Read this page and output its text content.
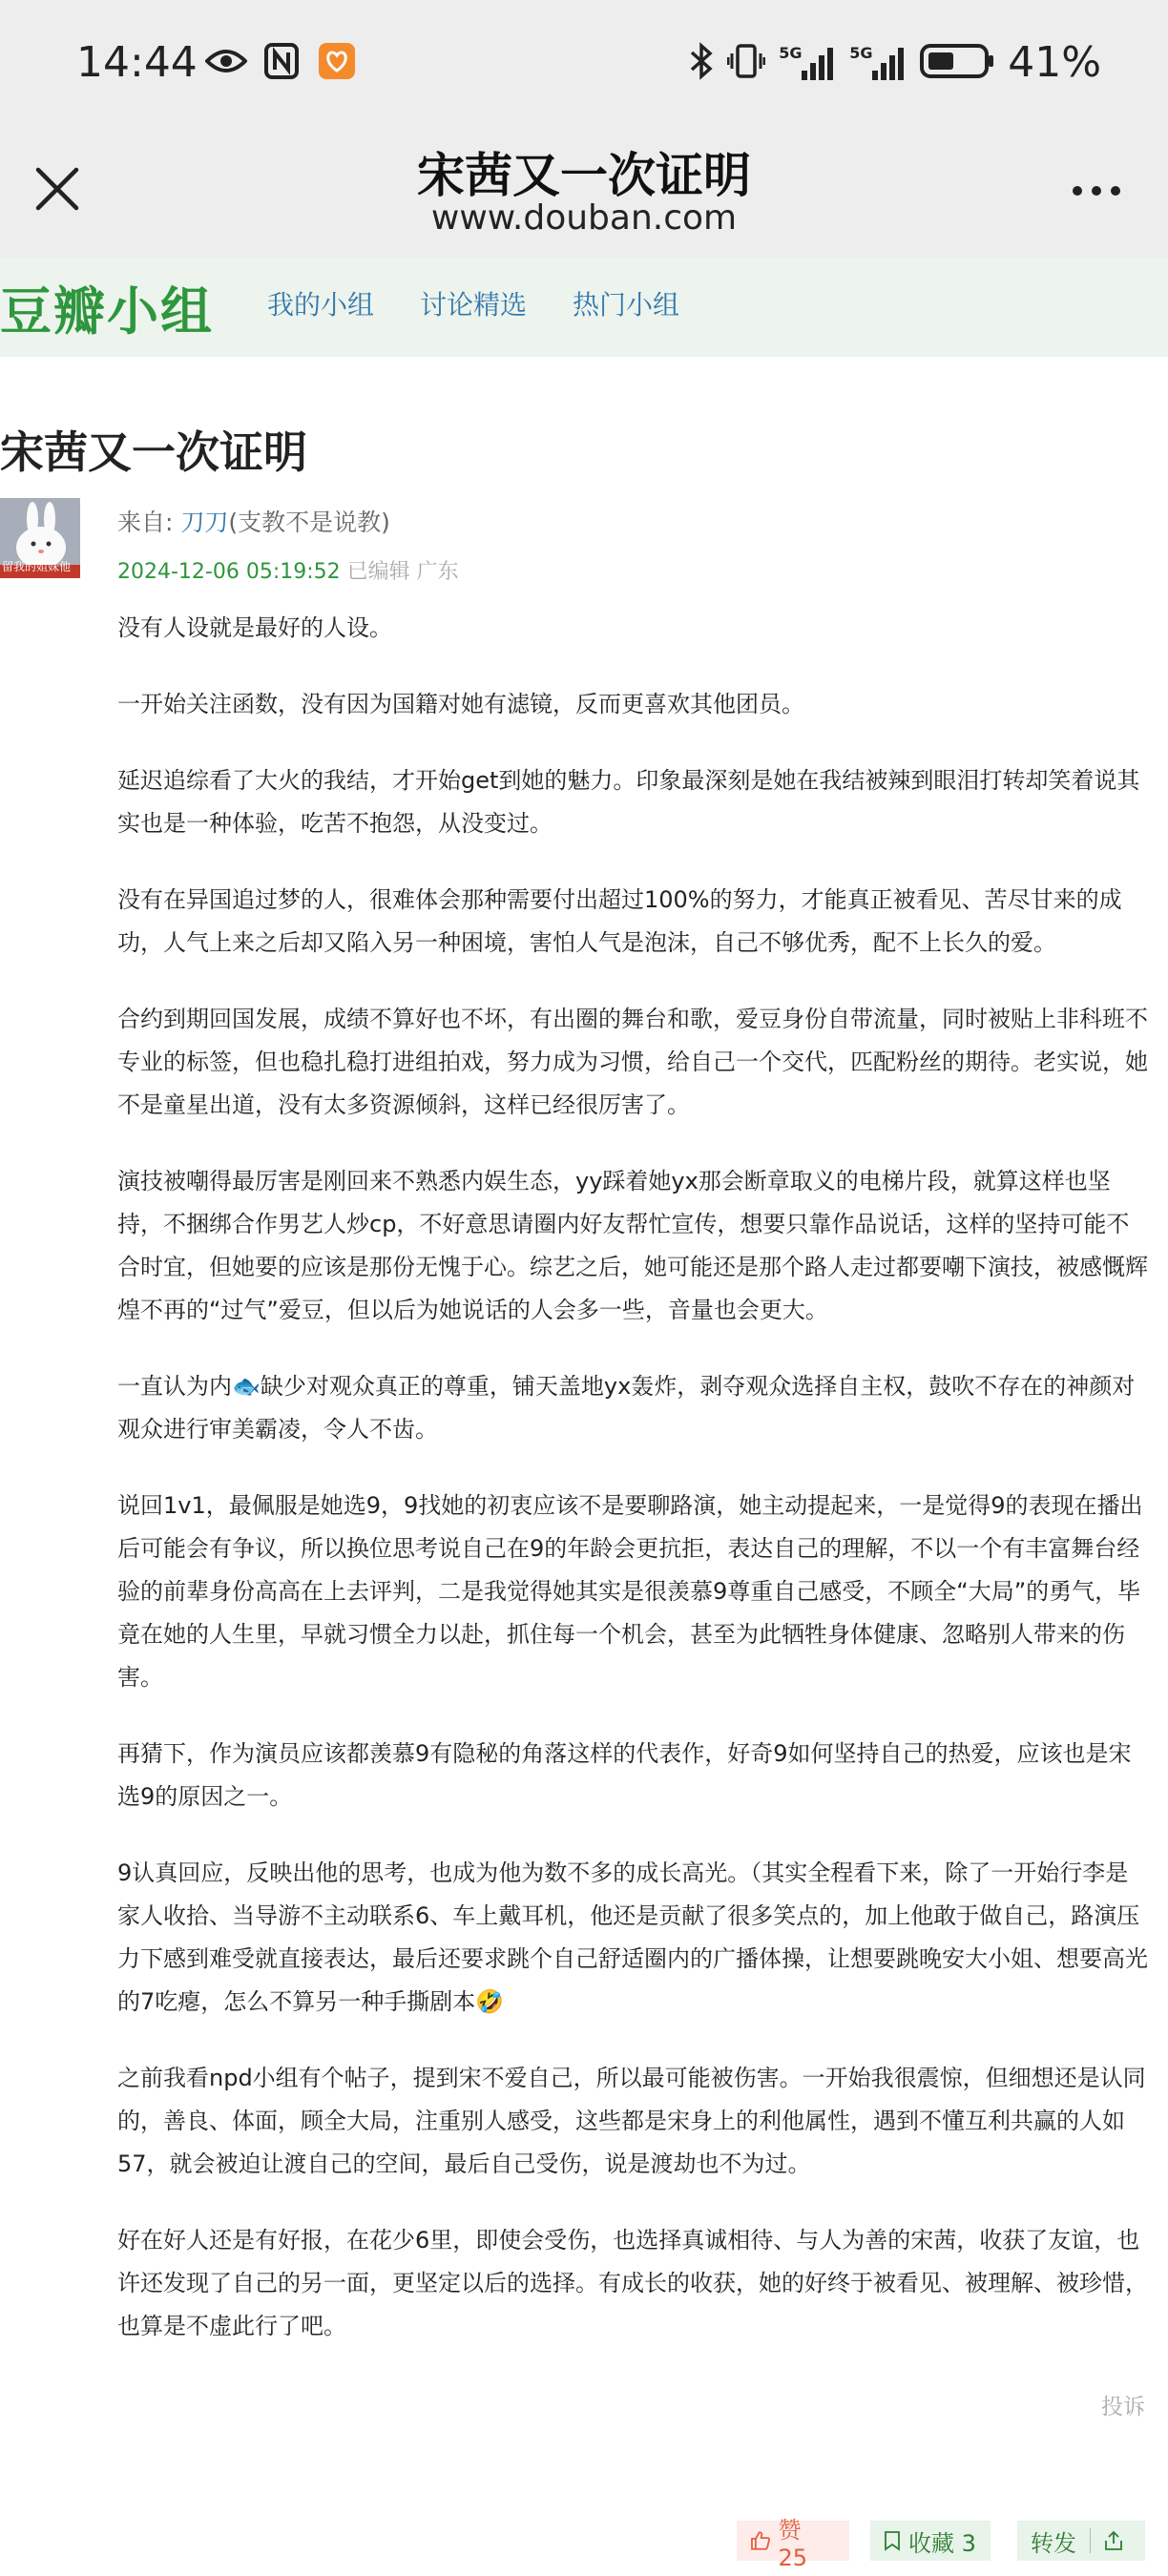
14:44	5G	5G	41%
宋茜又一次证明
www.douban.com
豆瓣小组 我的小组 讨论精选 热门小组
宋茜又一次证明
留我的姐妹他
来自: 刀刀(支教不是说教)
2024-12-06 05:19:52 已编辑 广东

没有人设就是最好的人设。

一开始关注函数，没有因为国籍对她有滤镜，反而更喜欢其他团员。

延迟追综看了大火的我结，才开始get到她的魅力。印象最深刻是她在我结被辣到眼泪打转却笑着说其实也是一种体验，吃苦不抱怨，从没变过。

没有在异国追过梦的人，很难体会那种需要付出超过100%的努力，才能真正被看见、苦尽甘来的成功，人气上来之后却又陷入另一种困境，害怕人气是泡沫，自己不够优秀，配不上长久的爱。

合约到期回国发展，成绩不算好也不坏，有出圈的舞台和歌，爱豆身份自带流量，同时被贴上非科班不专业的标签，但也稳扎稳打进组拍戏，努力成为习惯，给自己一个交代，匹配粉丝的期待。老实说，她不是童星出道，没有太多资源倾斜，这样已经很厉害了。

演技被嘲得最厉害是刚回来不熟悉内娱生态，yy踩着她yx那会断章取义的电梯片段，就算这样也坚持，不捆绑合作男艺人炒cp，不好意思请圈内好友帮忙宣传，想要只靠作品说话，这样的坚持可能不合时宜，但她要的应该是那份无愧于心。综艺之后，她可能还是那个路人走过都要嘲下演技，被感慨辉煌不再的“过气”爱豆，但以后为她说话的人会多一些，音量也会更大。

一直认为内🐟缺少对观众真正的尊重，铺天盖地yx轰炸，剥夺观众选择自主权，鼓吹不存在的神颜对观众进行审美霸凌，令人不齿。

说回1v1，最佩服是她选9，9找她的初衷应该不是要聊路演，她主动提起来，一是觉得9的表现在播出后可能会有争议，所以换位思考说自己在9的年龄会更抗拒，表达自己的理解，不以一个有丰富舞台经验的前辈身份高高在上去评判，二是我觉得她其实是很羡慕9尊重自己感受，不顾全“大局”的勇气，毕竟在她的人生里，早就习惯全力以赴，抓住每一个机会，甚至为此牺牲身体健康、忽略别人带来的伤害。

再猜下，作为演员应该都羡慕9有隐秘的角落这样的代表作，好奇9如何坚持自己的热爱，应该也是宋选9的原因之一。

9认真回应，反映出他的思考，也成为他为数不多的成长高光。（其实全程看下来，除了一开始行李是家人收拾、当导游不主动联系6、车上戴耳机，他还是贡献了很多笑点的，加上他敢于做自己，路演压力下感到难受就直接表达，最后还要求跳个自己舒适圈内的广播体操，让想要跳晚安大小姐、想要高光的7吃瘪，怎么不算另一种手撕剧本🤣

之前我看npd小组有个帖子，提到宋不爱自己，所以最可能被伤害。一开始我很震惊，但细想还是认同的，善良、体面，顾全大局，注重别人感受，这些都是宋身上的利他属性，遇到不懂互利共赢的人如57，就会被迫让渡自己的空间，最后自己受伤，说是渡劫也不为过。

好在好人还是有好报，在花少6里，即使会受伤，也选择真诚相待、与人为善的宋茜，收获了友谊，也许还发现了自己的另一面，更坚定以后的选择。有成长的收获，她的好终于被看见、被理解、被珍惜，也算是不虚此行了吧。

投诉
赞 25
收藏 3 转发
